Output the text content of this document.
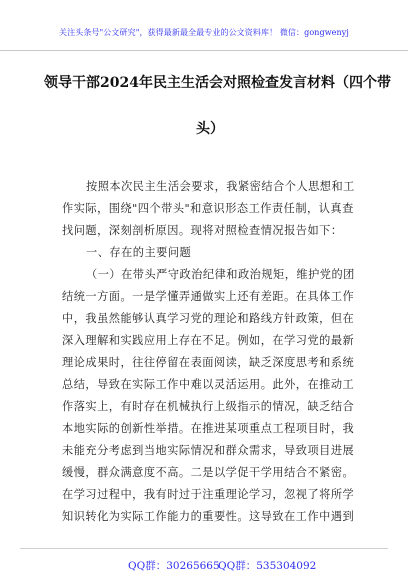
关注头条号"公文研究"，获得最新最全最专业的公文资料库！ 微信：gongwenyj
领导干部2024年民主生活会对照检查发言材料（四个带
头）
按照本次民主生活会要求，我紧密结合个人思想和工
作实际，围绕"四个带头"和意识形态工作责任制，认真查
找问题，深刻剖析原因。现将对照检查情况报告如下：
一、存在的主要问题
（一）在带头严守政治纪律和政治规矩，维护党的团
结统一方面。一是学懂弄通做实上还有差距。在具体工作
中，我虽然能够认真学习党的理论和路线方针政策，但在
深入理解和实践应用上存在不足。例如，在学习党的最新
理论成果时，往往停留在表面阅读，缺乏深度思考和系统
总结，导致在实际工作中难以灵活运用。此外，在推动工
作落实上，有时存在机械执行上级指示的情况，缺乏结合
本地实际的创新性举措。在推进某项重点工程项目时，我
未能充分考虑到当地实际情况和群众需求，导致项目进展
缓慢，群众满意度不高。二是以学促干学用结合不紧密。
在学习过程中，我有时过于注重理论学习，忽视了将所学
知识转化为实际工作能力的重要性。这导致在工作中遇到
QQ群：30265665
QQ群：535304092
